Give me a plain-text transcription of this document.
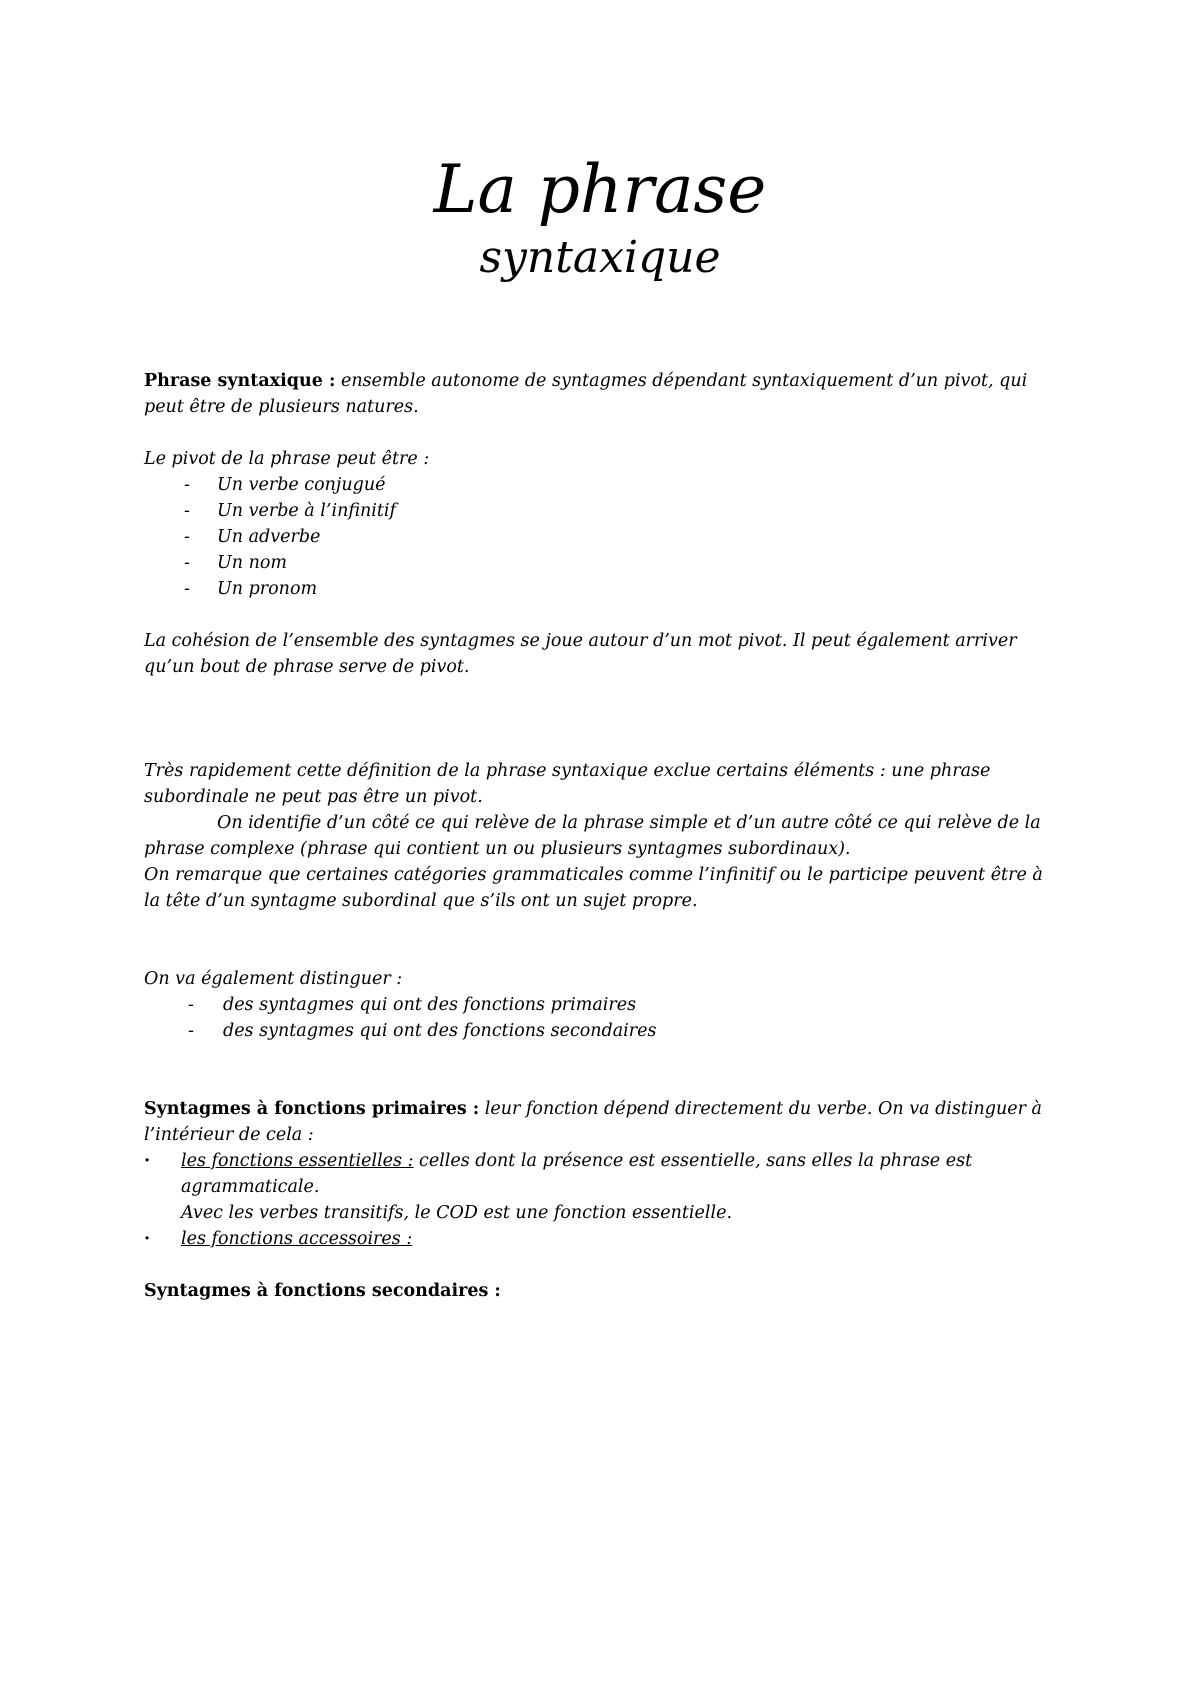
La phrase
syntaxique

Phrase syntaxique : ensemble autonome de syntagmes dépendant syntaxiquement d’un pivot, qui peut être de plusieurs natures.

Le pivot de la phrase peut être :

- Un verbe conjugué
- Un verbe à l’infinitif
- Un adverbe
- Un nom
- Un pronom

La cohésion de l’ensemble des syntagmes se joue autour d’un mot pivot. Il peut également arriver qu’un bout de phrase serve de pivot.

Très rapidement cette définition de la phrase syntaxique exclue certains éléments : une phrase subordinale ne peut pas être un pivot.

On identifie d’un côté ce qui relève de la phrase simple et d’un autre côté ce qui relève de la phrase complexe (phrase qui contient un ou plusieurs syntagmes subordinaux).

On remarque que certaines catégories grammaticales comme l’infinitif ou le participe peuvent être à la tête d’un syntagme subordinal que s’ils ont un sujet propre.

On va également distinguer :

- des syntagmes qui ont des fonctions primaires
- des syntagmes qui ont des fonctions secondaires

Syntagmes à fonctions primaires : leur fonction dépend directement du verbe. On va distinguer à l’intérieur de cela :

· les fonctions essentielles : celles dont la présence est essentielle, sans elles la phrase est agrammaticale.
Avec les verbes transitifs, le COD est une fonction essentielle.
· les fonctions accessoires :

Syntagmes à fonctions secondaires :
